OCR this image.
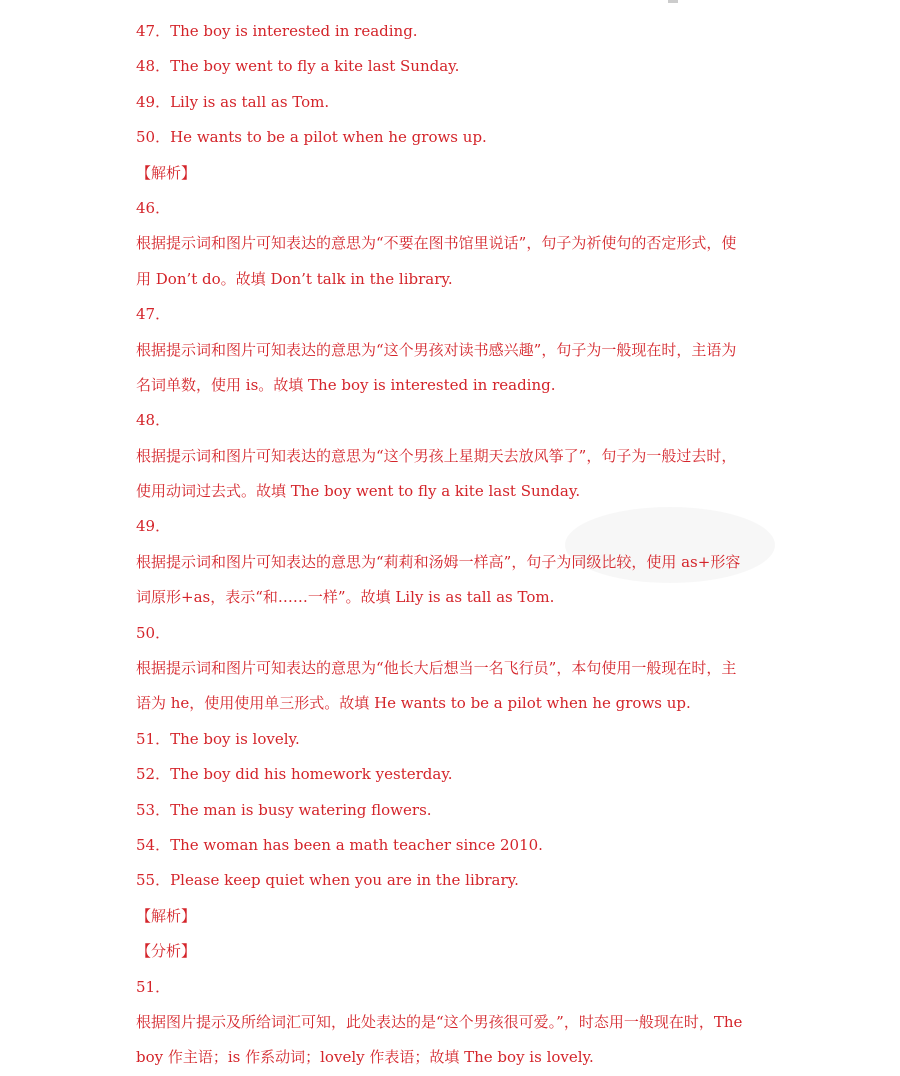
47．The boy is interested in reading.
48．The boy went to fly a kite last Sunday.
49．Lily is as tall as Tom.
50．He wants to be a pilot when he grows up.
【解析】
46．
根据提示词和图片可知表达的意思为“不要在图书馆里说话”，句子为祈使句的否定形式，使
用 Don’t do。故填 Don’t talk in the library.
47．
根据提示词和图片可知表达的意思为“这个男孩对读书感兴趣”，句子为一般现在时，主语为
名词单数，使用 is。故填 The boy is interested in reading.
48．
根据提示词和图片可知表达的意思为“这个男孩上星期天去放风筝了”，句子为一般过去时，
使用动词过去式。故填 The boy went to fly a kite last Sunday.
49．
根据提示词和图片可知表达的意思为“莉莉和汤姆一样高”，句子为同级比较，使用 as+形容
词原形+as，表示“和……一样”。故填 Lily is as tall as Tom.
50．
根据提示词和图片可知表达的意思为“他长大后想当一名飞行员”，本句使用一般现在时，主
语为 he，使用使用单三形式。故填 He wants to be a pilot when he grows up.
51．The boy is lovely.
52．The boy did his homework yesterday.
53．The man is busy watering flowers.
54．The woman has been a math teacher since 2010.
55．Please keep quiet when you are in the library.
【解析】
【分析】
51．
根据图片提示及所给词汇可知，此处表达的是“这个男孩很可爱。”，时态用一般现在时，The
boy 作主语；is 作系动词；lovely 作表语；故填 The boy is lovely.
